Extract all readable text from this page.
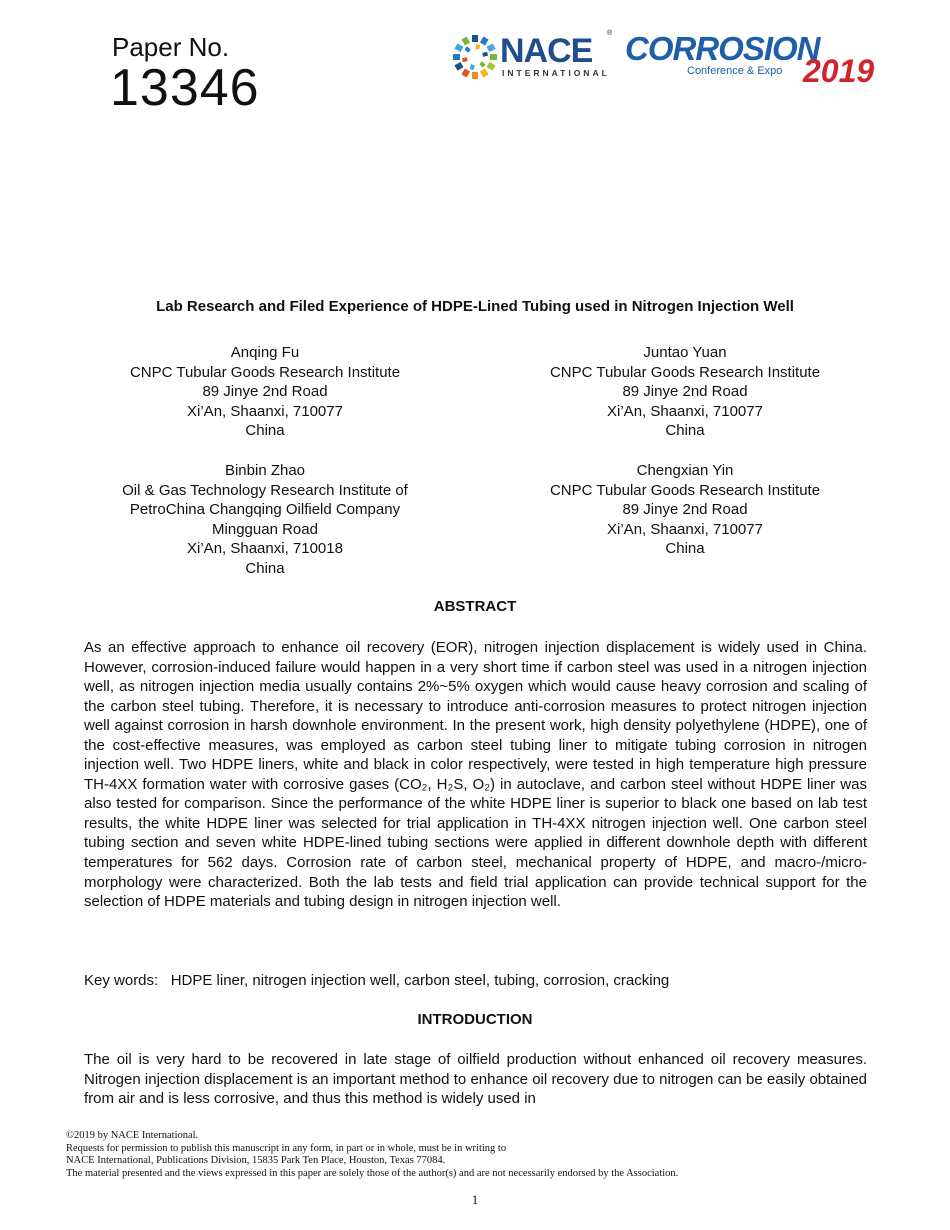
Paper No.
13346
NACE ®
INTERNATIONAL
CORROSION
Conference & Expo 2019
Lab Research and Filed Experience of HDPE-Lined Tubing used in Nitrogen Injection Well
Anqing Fu
CNPC Tubular Goods Research Institute
89 Jinye 2nd Road
Xi’An, Shaanxi, 710077
China
Juntao Yuan
CNPC Tubular Goods Research Institute
89 Jinye 2nd Road
Xi’An, Shaanxi, 710077
China
Binbin Zhao
Oil & Gas Technology Research Institute of
PetroChina Changqing Oilfield Company
Mingguan Road
Xi’An, Shaanxi, 710018
China
Chengxian Yin
CNPC Tubular Goods Research Institute
89 Jinye 2nd Road
Xi’An, Shaanxi, 710077
China
ABSTRACT
As an effective approach to enhance oil recovery (EOR), nitrogen injection displacement is widely used in China. However, corrosion-induced failure would happen in a very short time if carbon steel was used in a nitrogen injection well, as nitrogen injection media usually contains 2%~5% oxygen which would cause heavy corrosion and scaling of the carbon steel tubing. Therefore, it is necessary to introduce anti-corrosion measures to protect nitrogen injection well against corrosion in harsh downhole environment. In the present work, high density polyethylene (HDPE), one of the cost-effective measures, was employed as carbon steel tubing liner to mitigate tubing corrosion in nitrogen injection well. Two HDPE liners, white and black in color respectively, were tested in high temperature high pressure TH-4XX formation water with corrosive gases (CO₂, H₂S, O₂) in autoclave, and carbon steel without HDPE liner was also tested for comparison. Since the performance of the white HDPE liner is superior to black one based on lab test results, the white HDPE liner was selected for trial application in TH-4XX nitrogen injection well. One carbon steel tubing section and seven white HDPE-lined tubing sections were applied in different downhole depth with different temperatures for 562 days. Corrosion rate of carbon steel, mechanical property of HDPE, and macro-/micro-morphology were characterized. Both the lab tests and field trial application can provide technical support for the selection of HDPE materials and tubing design in nitrogen injection well.
Key words:   HDPE liner, nitrogen injection well, carbon steel, tubing, corrosion, cracking
INTRODUCTION
The oil is very hard to be recovered in late stage of oilfield production without enhanced oil recovery measures. Nitrogen injection displacement is an important method to enhance oil recovery due to nitrogen can be easily obtained from air and is less corrosive, and thus this method is widely used in
©2019 by NACE International.
Requests for permission to publish this manuscript in any form, in part or in whole, must be in writing to
NACE International, Publications Division, 15835 Park Ten Place, Houston, Texas 77084.
The material presented and the views expressed in this paper are solely those of the author(s) and are not necessarily endorsed by the Association.
1
